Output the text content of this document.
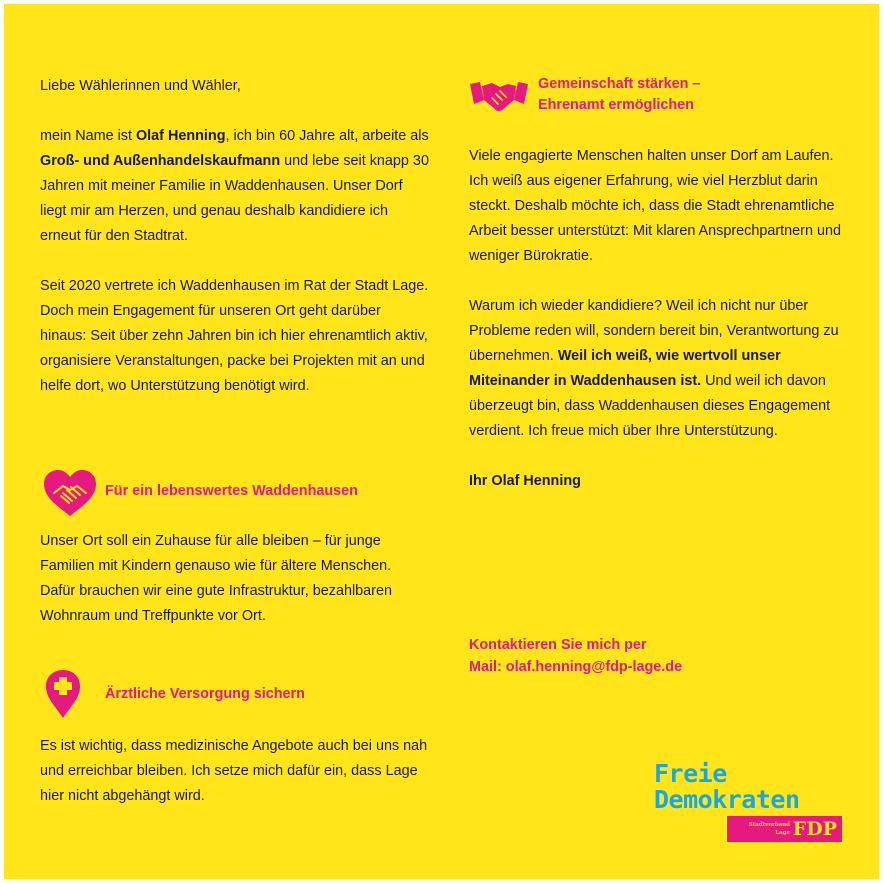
Liebe Wählerinnen und Wähler,

mein Name ist Olaf Henning, ich bin 60 Jahre alt, arbeite als Groß- und Außenhandelskaufmann und lebe seit knapp 30 Jahren mit meiner Familie in Waddenhausen. Unser Dorf liegt mir am Herzen, und genau deshalb kandidiere ich erneut für den Stadtrat.

Seit 2020 vertrete ich Waddenhausen im Rat der Stadt Lage. Doch mein Engagement für unseren Ort geht darüber hinaus: Seit über zehn Jahren bin ich hier ehrenamtlich aktiv, organisiere Veranstaltungen, packe bei Projekten mit an und helfe dort, wo Unterstützung benötigt wird.

Für ein lebenswertes Waddenhausen
Unser Ort soll ein Zuhause für alle bleiben – für junge Familien mit Kindern genauso wie für ältere Menschen. Dafür brauchen wir eine gute Infrastruktur, bezahlbaren Wohnraum und Treffpunkte vor Ort.
Ärztliche Versorgung sichern
Es ist wichtig, dass medizinische Angebote auch bei uns nah und erreichbar bleiben. Ich setze mich dafür ein, dass Lage hier nicht abgehängt wird.
Gemeinschaft stärken –
Ehrenamt ermöglichen

Viele engagierte Menschen halten unser Dorf am Laufen. Ich weiß aus eigener Erfahrung, wie viel Herzblut darin steckt. Deshalb möchte ich, dass die Stadt ehrenamtliche Arbeit besser unterstützt: Mit klaren Ansprechpartnern und weniger Bürokratie.

Warum ich wieder kandidiere? Weil ich nicht nur über Probleme reden will, sondern bereit bin, Verantwortung zu übernehmen. Weil ich weiß, wie wertvoll unser Miteinander in Waddenhausen ist. Und weil ich davon überzeugt bin, dass Waddenhausen dieses Engagement verdient. Ich freue mich über Ihre Unterstützung.

Ihr Olaf Henning

Kontaktieren Sie mich per
Mail: olaf.henning@fdp-lage.de
Freie
Demokraten
Stadtverband
Lage FDP
